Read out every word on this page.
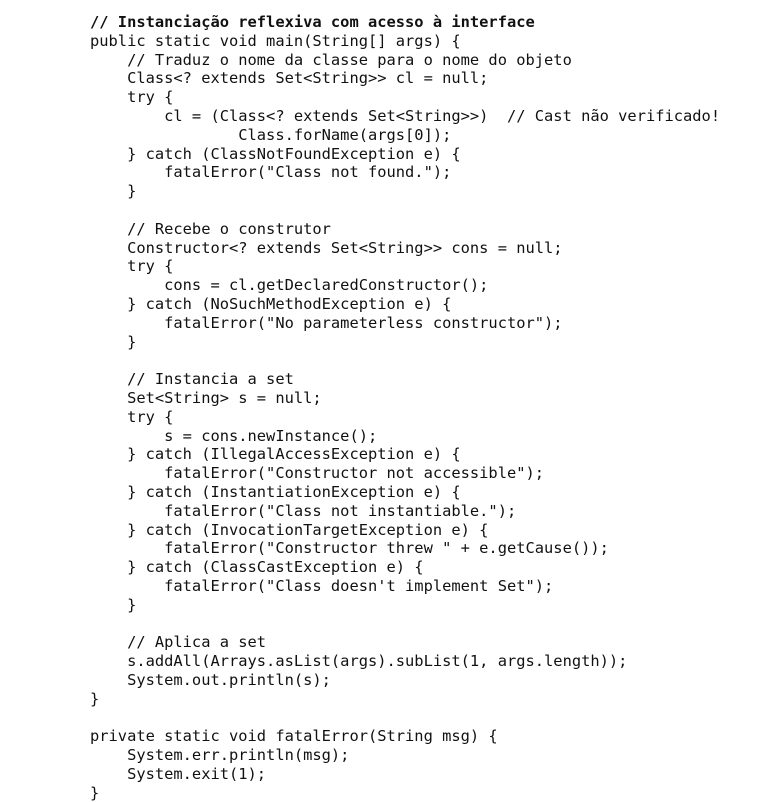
// Instanciação reflexiva com acesso à interface
public static void main(String[] args) {
// Traduz o nome da classe para o nome do objeto
Class<? extends Set<String>> cl = null;
try {
cl = (Class<? extends Set<String>>)  // Cast não verificado!
Class.forName(args[0]);
} catch (ClassNotFoundException e) {
fatalError("Class not found.");
}
// Recebe o construtor
Constructor<? extends Set<String>> cons = null;
try {
cons = cl.getDeclaredConstructor();
} catch (NoSuchMethodException e) {
fatalError("No parameterless constructor");
}
// Instancia a set
Set<String> s = null;
try {
s = cons.newInstance();
} catch (IllegalAccessException e) {
fatalError("Constructor not accessible");
} catch (InstantiationException e) {
fatalError("Class not instantiable.");
} catch (InvocationTargetException e) {
fatalError("Constructor threw " + e.getCause());
} catch (ClassCastException e) {
fatalError("Class doesn't implement Set");
}
// Aplica a set
s.addAll(Arrays.asList(args).subList(1, args.length));
System.out.println(s);
}
private static void fatalError(String msg) {
System.err.println(msg);
System.exit(1);
}
